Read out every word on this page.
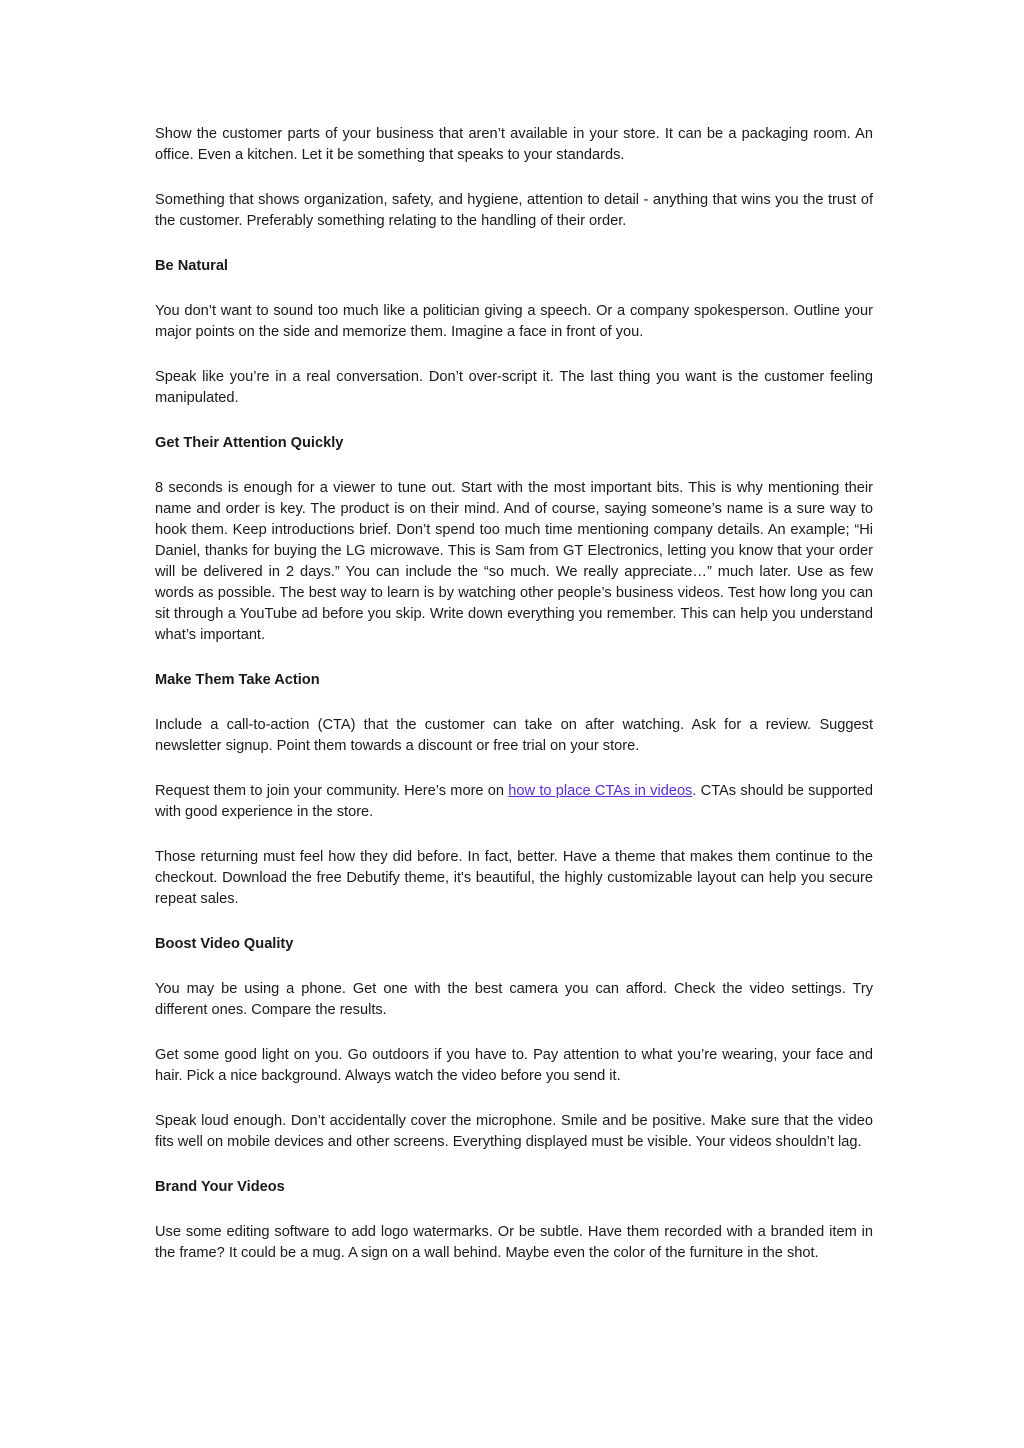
Show the customer parts of your business that aren’t available in your store. It can be a packaging room. An office. Even a kitchen. Let it be something that speaks to your standards.

Something that shows organization, safety, and hygiene, attention to detail - anything that wins you the trust of the customer. Preferably something relating to the handling of their order.

Be Natural

You don’t want to sound too much like a politician giving a speech. Or a company spokesperson. Outline your major points on the side and memorize them. Imagine a face in front of you.

Speak like you’re in a real conversation. Don’t over-script it. The last thing you want is the customer feeling manipulated.

Get Their Attention Quickly

8 seconds is enough for a viewer to tune out. Start with the most important bits. This is why mentioning their name and order is key. The product is on their mind. And of course, saying someone’s name is a sure way to hook them. Keep introductions brief. Don’t spend too much time mentioning company details. An example; “Hi Daniel, thanks for buying the LG microwave. This is Sam from GT Electronics, letting you know that your order will be delivered in 2 days.” You can include the “so much. We really appreciate…” much later. Use as few words as possible. The best way to learn is by watching other people’s business videos. Test how long you can sit through a YouTube ad before you skip. Write down everything you remember. This can help you understand what’s important.

Make Them Take Action

Include a call-to-action (CTA) that the customer can take on after watching. Ask for a review. Suggest newsletter signup. Point them towards a discount or free trial on your store.

Request them to join your community. Here’s more on how to place CTAs in videos. CTAs should be supported with good experience in the store.

Those returning must feel how they did before. In fact, better. Have a theme that makes them continue to the checkout. Download the free Debutify theme, it's beautiful, the highly customizable layout can help you secure repeat sales.

Boost Video Quality

You may be using a phone. Get one with the best camera you can afford. Check the video settings. Try different ones. Compare the results.

Get some good light on you. Go outdoors if you have to. Pay attention to what you’re wearing, your face and hair. Pick a nice background. Always watch the video before you send it.

Speak loud enough. Don’t accidentally cover the microphone. Smile and be positive. Make sure that the video fits well on mobile devices and other screens. Everything displayed must be visible. Your videos shouldn’t lag.

Brand Your Videos

Use some editing software to add logo watermarks. Or be subtle. Have them recorded with a branded item in the frame? It could be a mug. A sign on a wall behind. Maybe even the color of the furniture in the shot.
